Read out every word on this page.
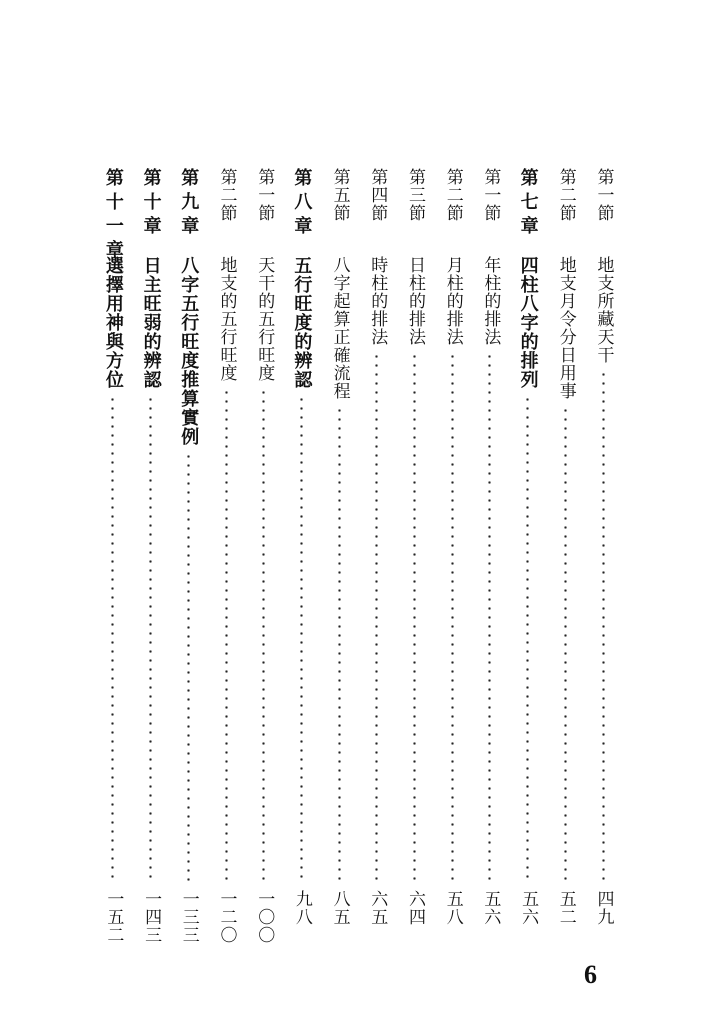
第一節
地支所藏天干
四九
第二節
地支月令分日用事
五二
第七章
四柱八字的排列
五六
第一節
年柱的排法
五六
第二節
月柱的排法
五八
第三節
日柱的排法
六四
第四節
時柱的排法
六五
第五節
八字起算正確流程
八五
第八章
五行旺度的辨認
九八
第一節
天干的五行旺度
一〇〇
第二節
地支的五行旺度
一二〇
第九章
八字五行旺度推算實例
一三三
第十章
日主旺弱的辨認
一四三
第十一章
選擇用神與方位
一五二
6
